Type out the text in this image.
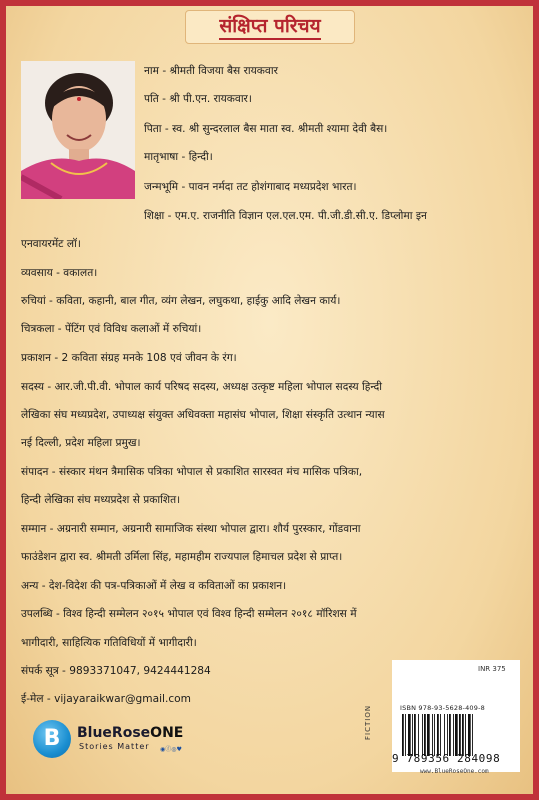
संक्षिप्त परिचय
नाम - श्रीमती विजया बैस रायकवार
पति - श्री पी.एन. रायकवार।
पिता - स्व. श्री सुन्दरलाल बैस माता स्व. श्रीमती श्यामा देवी बैस।
मातृभाषा - हिन्दी।
जन्मभूमि - पावन नर्मदा तट होशंगाबाद मध्यप्रदेश भारत।
शिक्षा - एम.ए. राजनीति विज्ञान एल.एल.एम. पी.जी.डी.सी.ए. डिप्लोमा इन
एनवायरमेंट लॉ।
व्यवसाय - वकालत।
रुचियां - कविता, कहानी, बाल गीत, व्यंग लेखन, लघुकथा, हाईकु आदि लेखन कार्य।
चित्रकला - पेंटिंग एवं विविध कलाओं में रुचियां।
प्रकाशन - 2 कविता संग्रह मनके 108 एवं जीवन के रंग।
सदस्य - आर.जी.पी.वी. भोपाल कार्य परिषद सदस्य, अध्यक्ष उत्कृष्ट महिला भोपाल सदस्य हिन्दी
लेखिका संघ मध्यप्रदेश, उपाध्यक्ष संयुक्त अधिवक्ता महासंघ भोपाल, शिक्षा संस्कृति उत्थान न्यास
नई दिल्ली, प्रदेश महिला प्रमुख।
संपादन - संस्कार मंथन त्रैमासिक पत्रिका भोपाल से प्रकाशित सारस्वत मंच मासिक पत्रिका,
हिन्दी लेखिका संघ मध्यप्रदेश से प्रकाशित।
सम्मान - अग्रनारी सम्मान, अग्रनारी सामाजिक संस्था भोपाल द्वारा। शौर्य पुरस्कार, गोंडवाना
फाउंडेशन द्वारा स्व. श्रीमती उर्मिला सिंह, महामहीम राज्यपाल हिमाचल प्रदेश से प्राप्त।
अन्य - देश-विदेश की पत्र-पत्रिकाओं में लेख व कविताओं का प्रकाशन।
उपलब्धि - विश्व हिन्दी सम्मेलन २०१५ भोपाल एवं विश्व हिन्दी सम्मेलन २०१८ मॉरिशस में
भागीदारी, साहित्यिक गतिविधियों में भागीदारी।
संपर्क सूत्र - 9893371047, 9424441284
ई-मेल - vijayaraikwar@gmail.com
INR 375
ISBN 978-93-5628-409-8
FICTION
9 789356 284098
www.BlueRoseOne.com
B	BlueRoseONE
Stories Matter ◉ⓕ◎♥
